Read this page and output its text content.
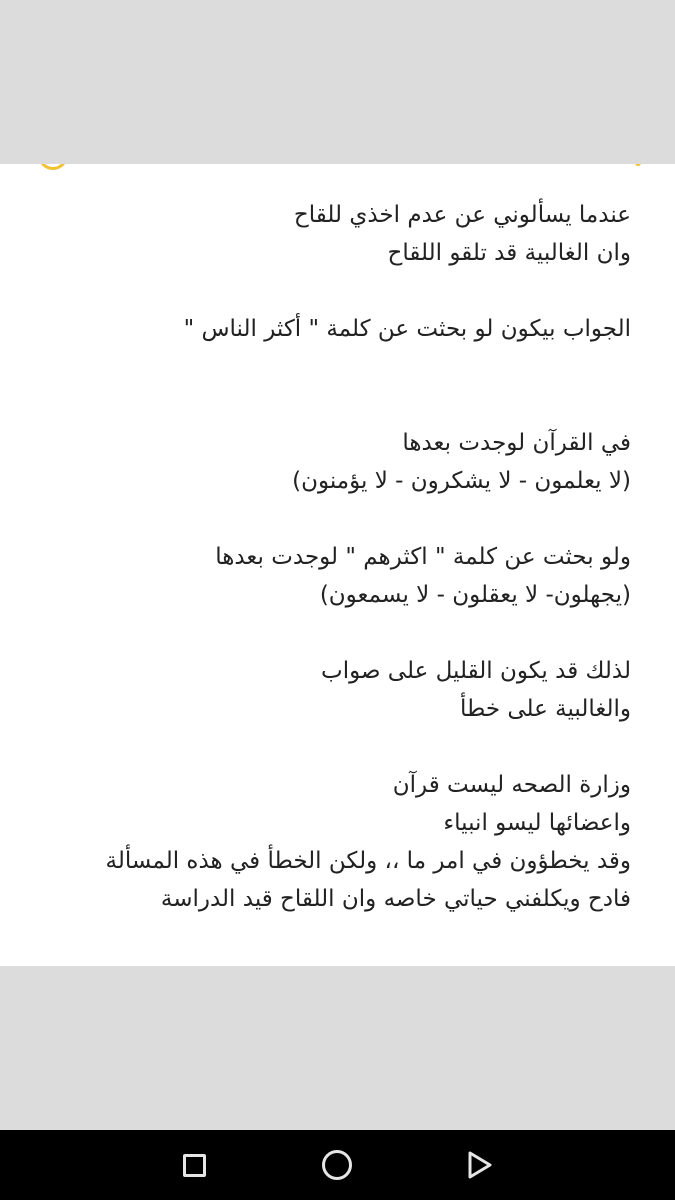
عندما يسألوني عن عدم اخذي للقاح
وان الغالبية قد تلقو اللقاح
الجواب بيكون لو بحثت عن كلمة " أكثر الناس "
في القرآن لوجدت بعدها
(لا يعلمون - لا يشكرون - لا يؤمنون)
ولو بحثت عن كلمة " اكثرهم " لوجدت بعدها
(يجهلون- لا يعقلون - لا يسمعون)
لذلك قد يكون القليل على صواب
والغالبية على خطأ
وزارة الصحه ليست قرآن
واعضائها ليسو انبياء
وقد يخطؤون في امر ما ،، ولكن الخطأ في هذه المسألة
فادح ويكلفني حياتي خاصه وان اللقاح قيد الدراسة
